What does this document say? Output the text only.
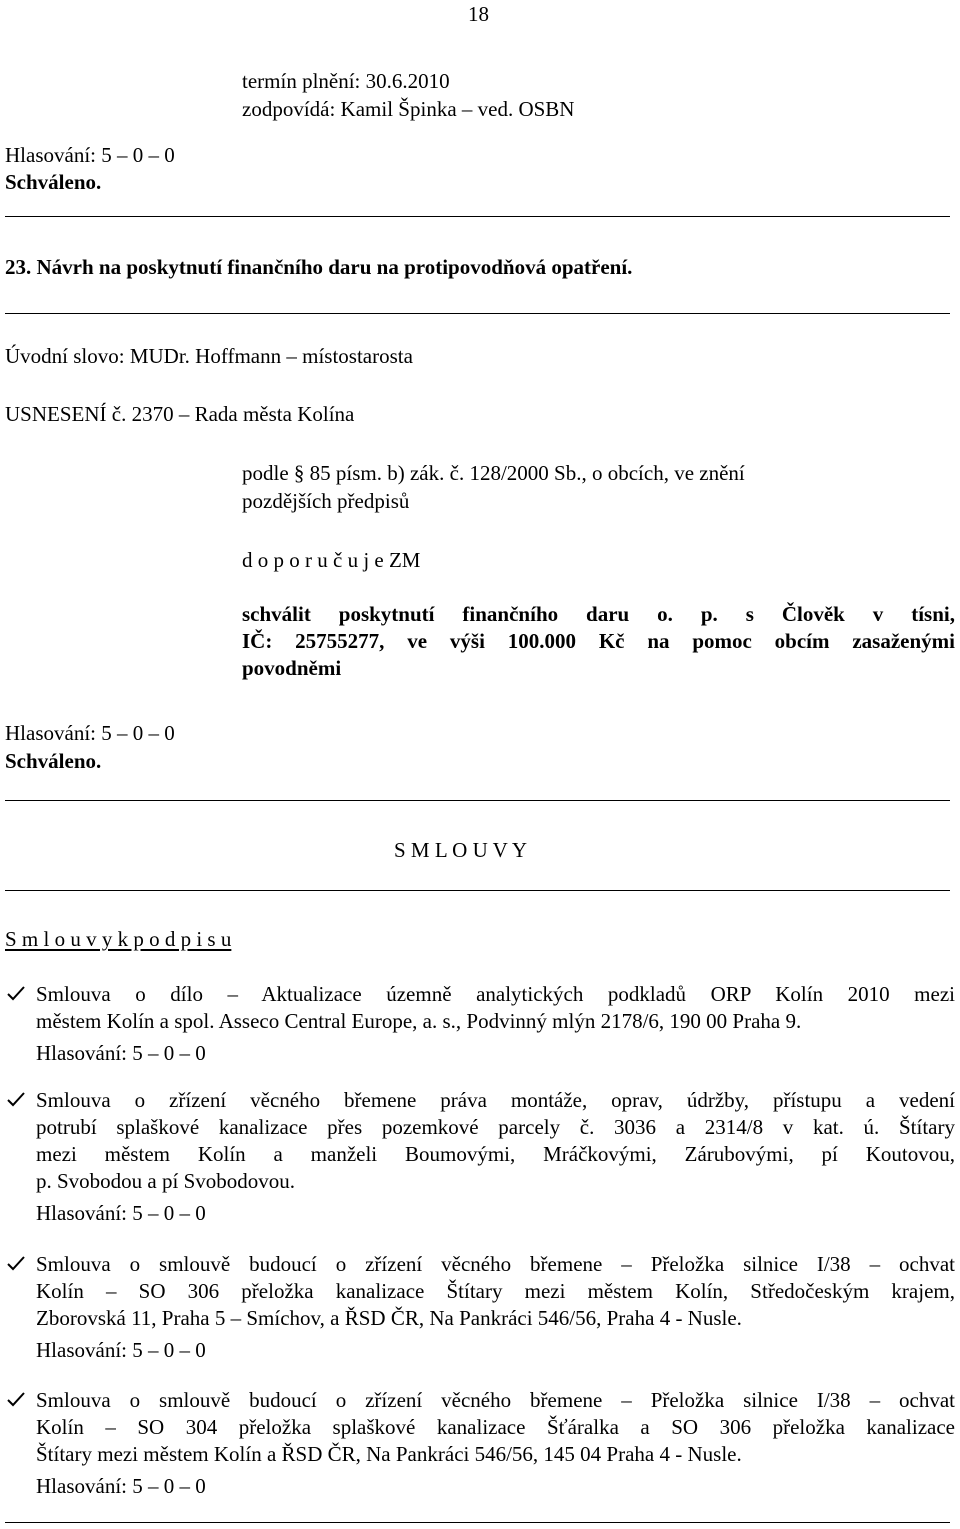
18
termín plnění: 30.6.2010
zodpovídá: Kamil Špinka – ved. OSBN
Hlasování: 5 – 0 – 0
Schváleno.
23. Návrh na poskytnutí finančního daru na protipovodňová opatření.
Úvodní slovo: MUDr. Hoffmann – místostarosta
USNESENÍ č. 2370 – Rada města Kolína
podle § 85 písm. b) zák. č. 128/2000 Sb., o obcích, ve znění
pozdějších předpisů
d o p o r u č u j e ZM
schválit poskytnutí finančního daru o. p. s Člověk v tísni,
IČ: 25755277, ve výši 100.000 Kč na pomoc obcím zasaženými
povodněmi
Hlasování: 5 – 0 – 0
Schváleno.
S M L O U V Y
S m l o u v y k p o d p i s u
Smlouva o dílo – Aktualizace územně analytických podkladů ORP Kolín 2010 mezi
městem Kolín a spol. Asseco Central Europe, a. s., Podvinný mlýn 2178/6, 190 00 Praha 9.
Hlasování: 5 – 0 – 0
Smlouva o zřízení věcného břemene práva montáže, oprav, údržby, přístupu a vedení
potrubí splaškové kanalizace přes pozemkové parcely č. 3036 a 2314/8 v kat. ú. Štítary
mezi městem Kolín a manželi Boumovými, Mráčkovými, Zárubovými, pí Koutovou,
p. Svobodou a pí Svobodovou.
Hlasování: 5 – 0 – 0
Smlouva o smlouvě budoucí o zřízení věcného břemene – Přeložka silnice I/38 – ochvat
Kolín – SO 306 přeložka kanalizace Štítary mezi městem Kolín, Středočeským krajem,
Zborovská 11, Praha 5 – Smíchov, a ŘSD ČR, Na Pankráci 546/56, Praha 4 - Nusle.
Hlasování: 5 – 0 – 0
Smlouva o smlouvě budoucí o zřízení věcného břemene – Přeložka silnice I/38 – ochvat
Kolín – SO 304 přeložka splaškové kanalizace Šťáralka a SO 306 přeložka kanalizace
Štítary mezi městem Kolín a ŘSD ČR, Na Pankráci 546/56, 145 04 Praha 4 - Nusle.
Hlasování: 5 – 0 – 0
